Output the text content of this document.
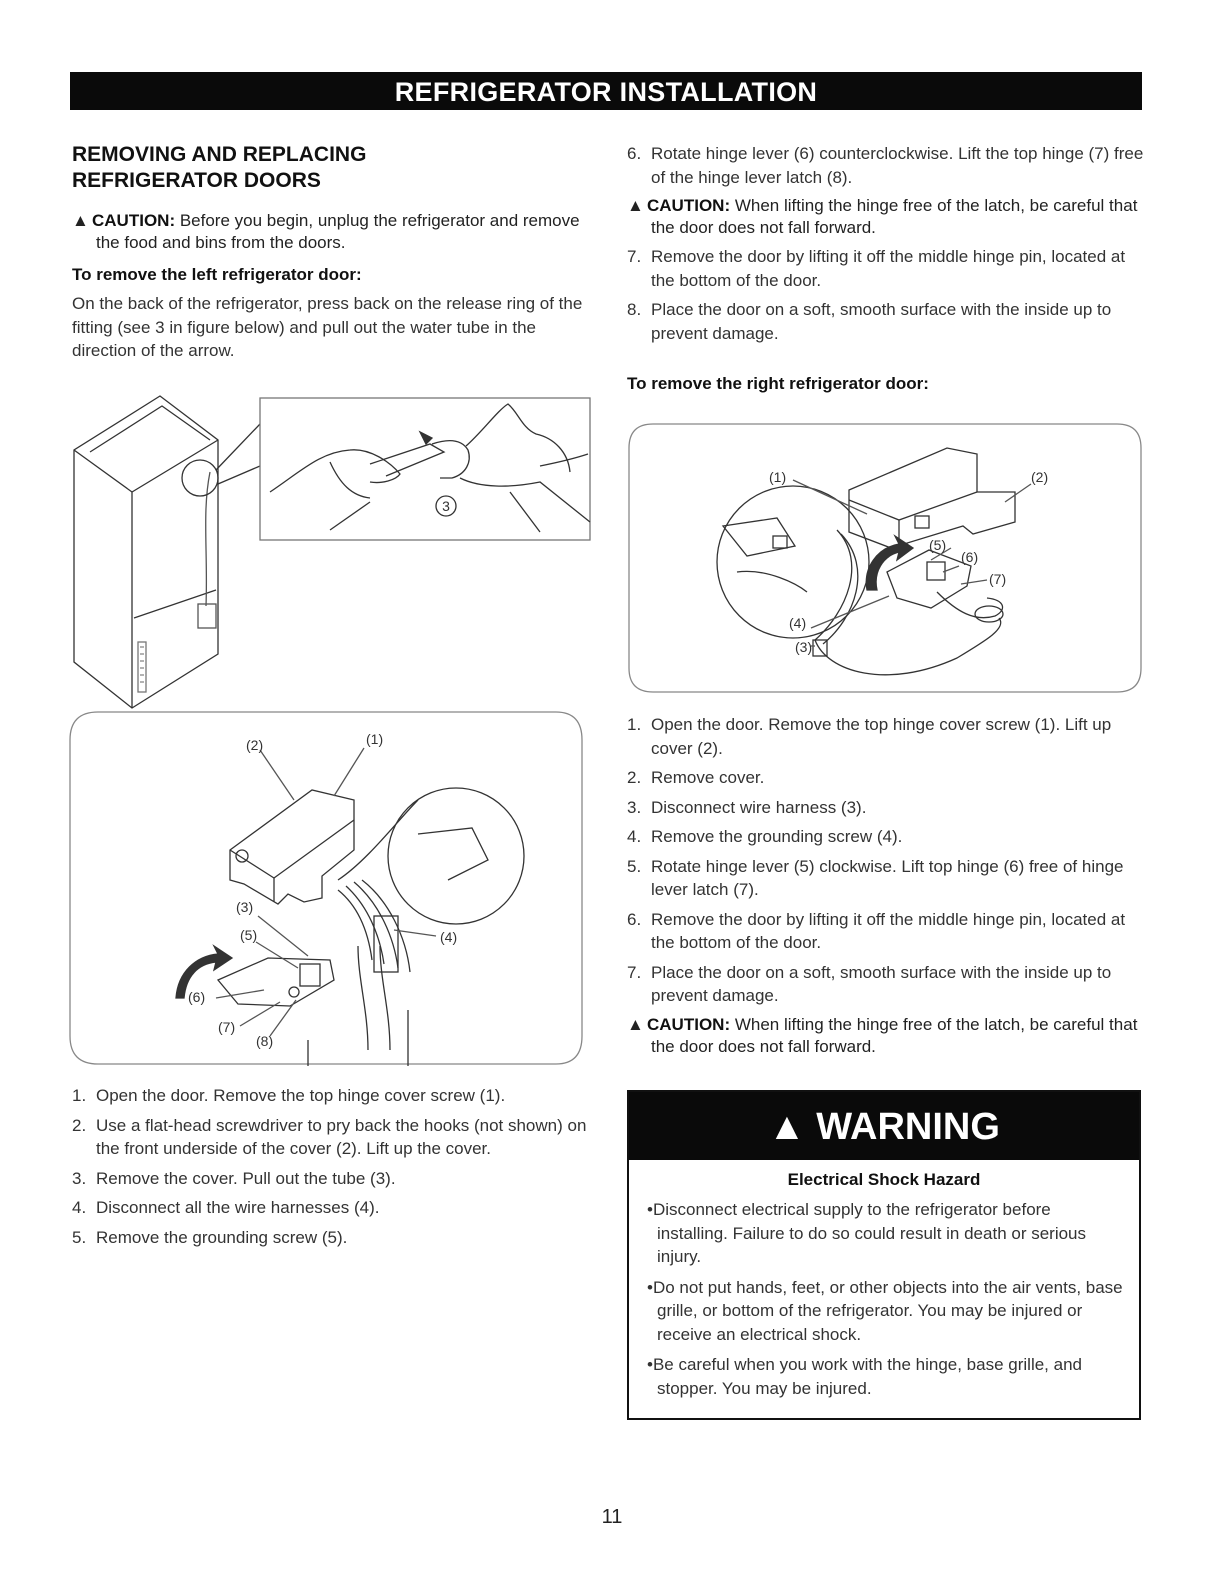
REFRIGERATOR INSTALLATION
REMOVING AND REPLACING
REFRIGERATOR DOORS
▲ CAUTION: Before you begin, unplug the refrigerator and remove the food and bins from the doors.
To remove the left refrigerator door:

On the back of the refrigerator, press back on the release ring of the fitting (see 3 in figure below) and pull out the water tube in the direction of the arrow.

3
(2)	(1)
(3)
(5)	(4)
(6)
(7)
(8)
1. Open the door. Remove the top hinge cover screw (1).
2. Use a flat-head screwdriver to pry back the hooks (not shown) on the front underside of the cover (2). Lift up the cover.
3. Remove the cover. Pull out the tube (3).
4. Disconnect all the wire harnesses (4).
5. Remove the grounding screw (5).
6. Rotate hinge lever (6) counterclockwise. Lift the top hinge (7) free of the hinge lever latch (8).
▲ CAUTION: When lifting the hinge free of the latch, be careful that the door does not fall forward.
7. Remove the door by lifting it off the middle hinge pin, located at the bottom of the door.
8. Place the door on a soft, smooth surface with the inside up to prevent damage.
To remove the right refrigerator door:
(1)	(2)
(5)
(6)
(7)
(4)
(3)
1. Open the door. Remove the top hinge cover screw (1). Lift up cover (2).
2. Remove cover.
3. Disconnect wire harness (3).
4. Remove the grounding screw (4).
5. Rotate hinge lever (5) clockwise. Lift top hinge (6) free of hinge lever latch (7).
6. Remove the door by lifting it off the middle hinge pin, located at the bottom of the door.
7. Place the door on a soft, smooth surface with the inside up to prevent damage.
▲ CAUTION: When lifting the hinge free of the latch, be careful that the door does not fall forward.
▲ WARNING
Electrical Shock Hazard
•Disconnect electrical supply to the refrigerator before installing. Failure to do so could result in death or serious injury.
•Do not put hands, feet, or other objects into the air vents, base grille, or bottom of the refrigerator. You may be injured or receive an electrical shock.
•Be careful when you work with the hinge, base grille, and stopper. You may be injured.
11
